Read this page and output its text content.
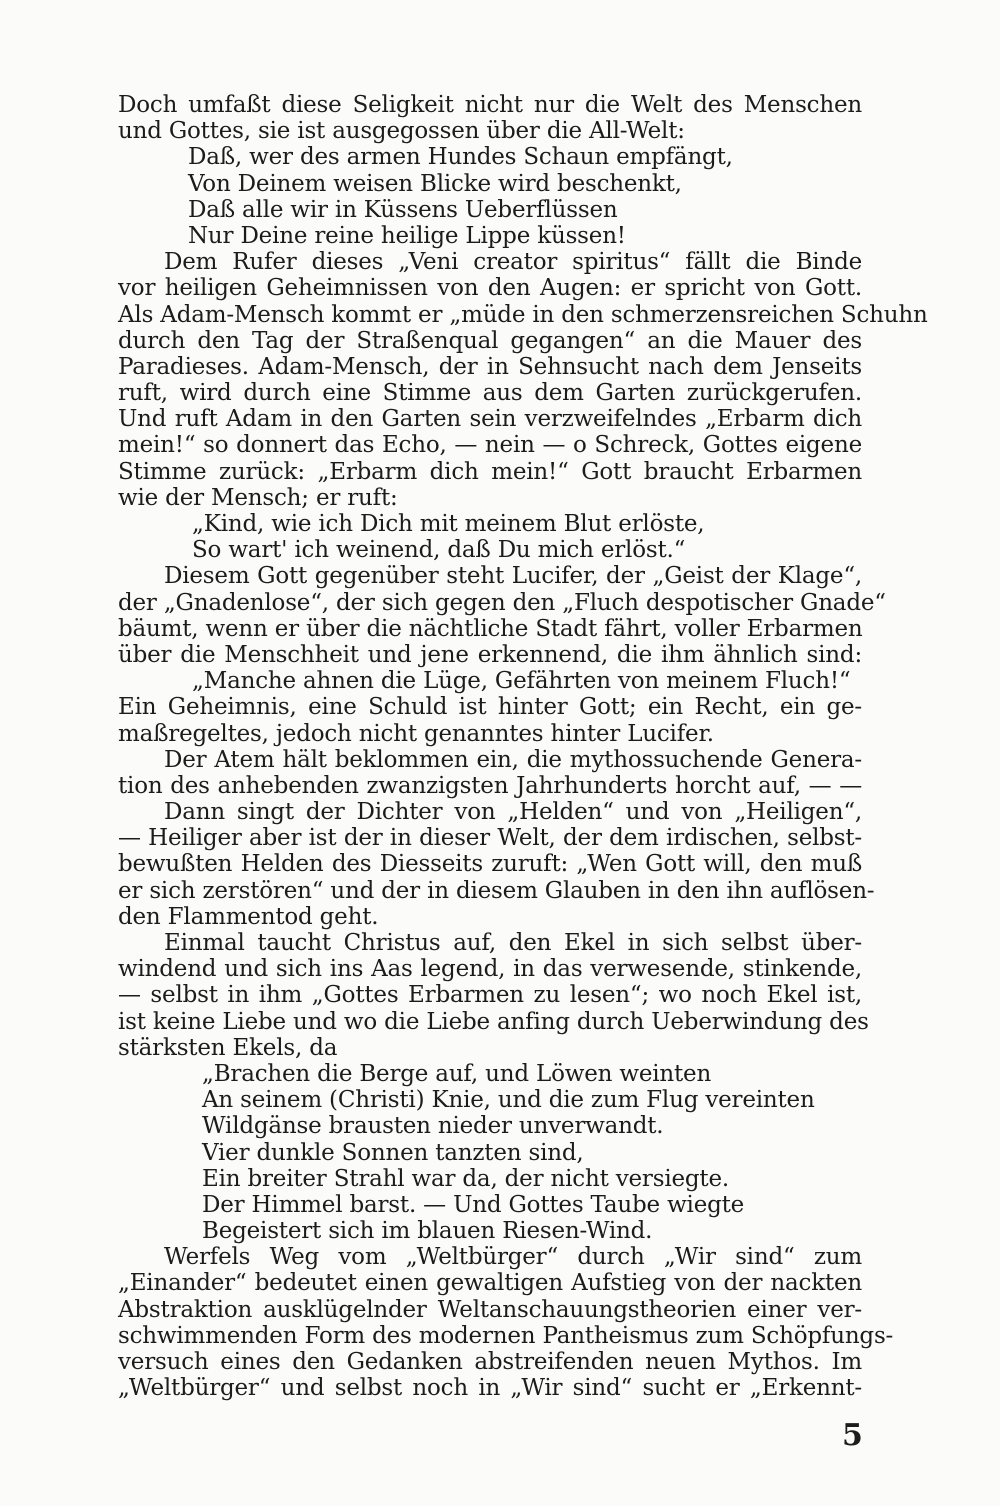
Doch umfaßt diese Seligkeit nicht nur die Welt des Menschen
und Gottes, sie ist ausgegossen über die All-Welt:
Daß, wer des armen Hundes Schaun empfängt,
Von Deinem weisen Blicke wird beschenkt,
Daß alle wir in Küssens Ueberflüssen
Nur Deine reine heilige Lippe küssen!
Dem Rufer dieses „Veni creator spiritus“ fällt die Binde
vor heiligen Geheimnissen von den Augen: er spricht von Gott.
Als Adam-Mensch kommt er „müde in den schmerzensreichen Schuhn
durch den Tag der Straßenqual gegangen“ an die Mauer des
Paradieses. Adam-Mensch, der in Sehnsucht nach dem Jenseits
ruft, wird durch eine Stimme aus dem Garten zurückgerufen.
Und ruft Adam in den Garten sein verzweifelndes „Erbarm dich
mein!“ so donnert das Echo, — nein — o Schreck, Gottes eigene
Stimme zurück: „Erbarm dich mein!“ Gott braucht Erbarmen
wie der Mensch; er ruft:
„Kind, wie ich Dich mit meinem Blut erlöste,
So wart' ich weinend, daß Du mich erlöst.“
Diesem Gott gegenüber steht Lucifer, der „Geist der Klage“,
der „Gnadenlose“, der sich gegen den „Fluch despotischer Gnade“
bäumt, wenn er über die nächtliche Stadt fährt, voller Erbarmen
über die Menschheit und jene erkennend, die ihm ähnlich sind:
„Manche ahnen die Lüge, Gefährten von meinem Fluch!“
Ein Geheimnis, eine Schuld ist hinter Gott; ein Recht, ein ge-
maßregeltes, jedoch nicht genanntes hinter Lucifer.
Der Atem hält beklommen ein, die mythossuchende Genera-
tion des anhebenden zwanzigsten Jahrhunderts horcht auf, — —
Dann singt der Dichter von „Helden“ und von „Heiligen“,
— Heiliger aber ist der in dieser Welt, der dem irdischen, selbst-
bewußten Helden des Diesseits zuruft: „Wen Gott will, den muß
er sich zerstören“ und der in diesem Glauben in den ihn auflösen-
den Flammentod geht.
Einmal taucht Christus auf, den Ekel in sich selbst über-
windend und sich ins Aas legend, in das verwesende, stinkende,
— selbst in ihm „Gottes Erbarmen zu lesen“; wo noch Ekel ist,
ist keine Liebe und wo die Liebe anfing durch Ueberwindung des
stärksten Ekels, da
„Brachen die Berge auf, und Löwen weinten
An seinem (Christi) Knie, und die zum Flug vereinten
Wildgänse brausten nieder unverwandt.
Vier dunkle Sonnen tanzten sind,
Ein breiter Strahl war da, der nicht versiegte.
Der Himmel barst. — Und Gottes Taube wiegte
Begeistert sich im blauen Riesen-Wind.
Werfels Weg vom „Weltbürger“ durch „Wir sind“ zum
„Einander“ bedeutet einen gewaltigen Aufstieg von der nackten
Abstraktion ausklügelnder Weltanschauungstheorien einer ver-
schwimmenden Form des modernen Pantheismus zum Schöpfungs-
versuch eines den Gedanken abstreifenden neuen Mythos. Im
„Weltbürger“ und selbst noch in „Wir sind“ sucht er „Erkennt-
5
